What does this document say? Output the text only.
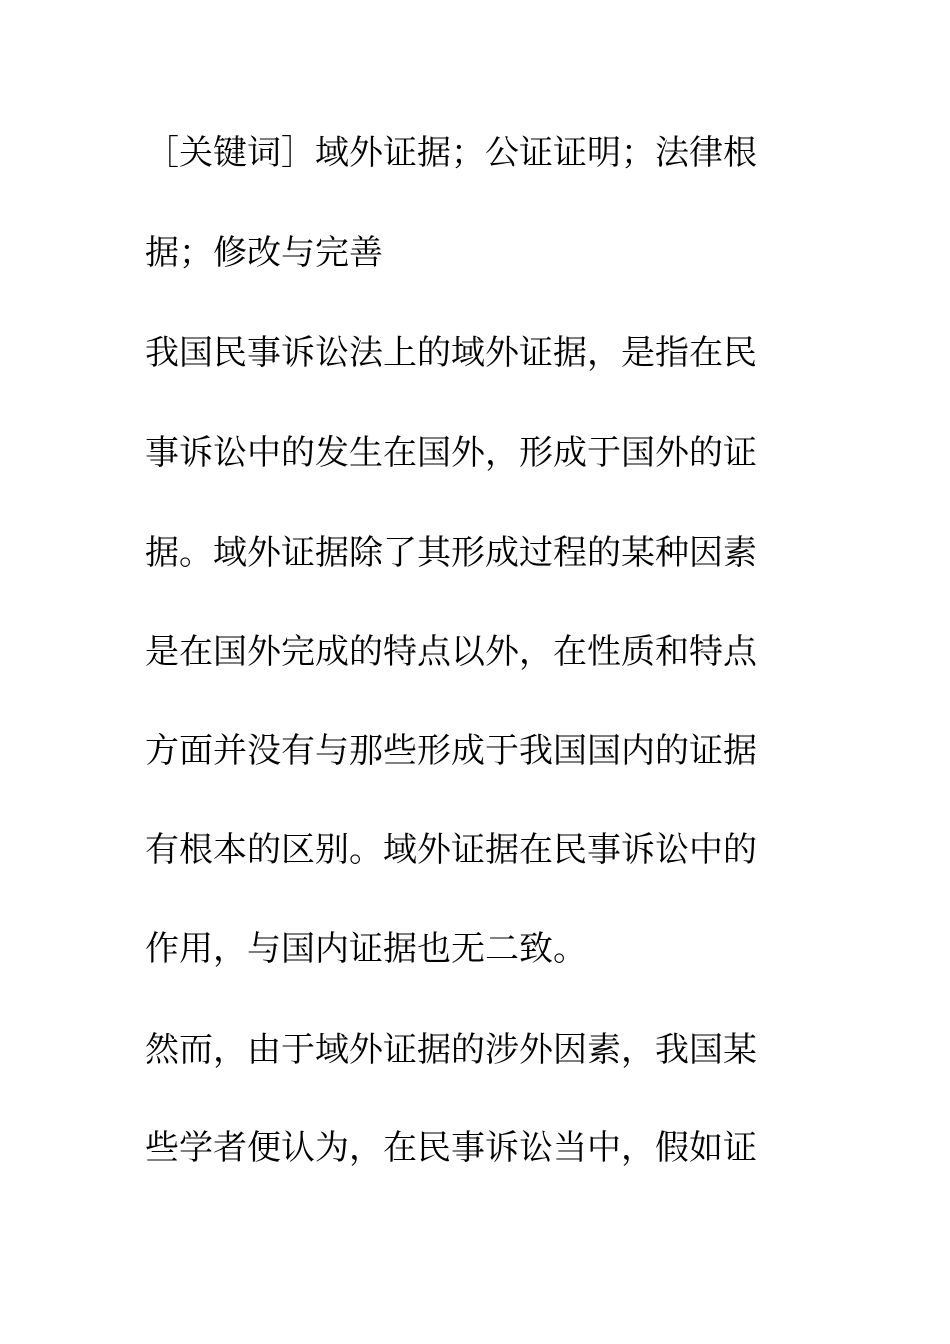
［关键词］域外证据；公证证明；法律根
据；修改与完善
我国民事诉讼法上的域外证据，是指在民
事诉讼中的发生在国外，形成于国外的证
据。域外证据除了其形成过程的某种因素
是在国外完成的特点以外，在性质和特点
方面并没有与那些形成于我国国内的证据
有根本的区别。域外证据在民事诉讼中的
作用，与国内证据也无二致。
然而，由于域外证据的涉外因素，我国某
些学者便认为，在民事诉讼当中，假如证
